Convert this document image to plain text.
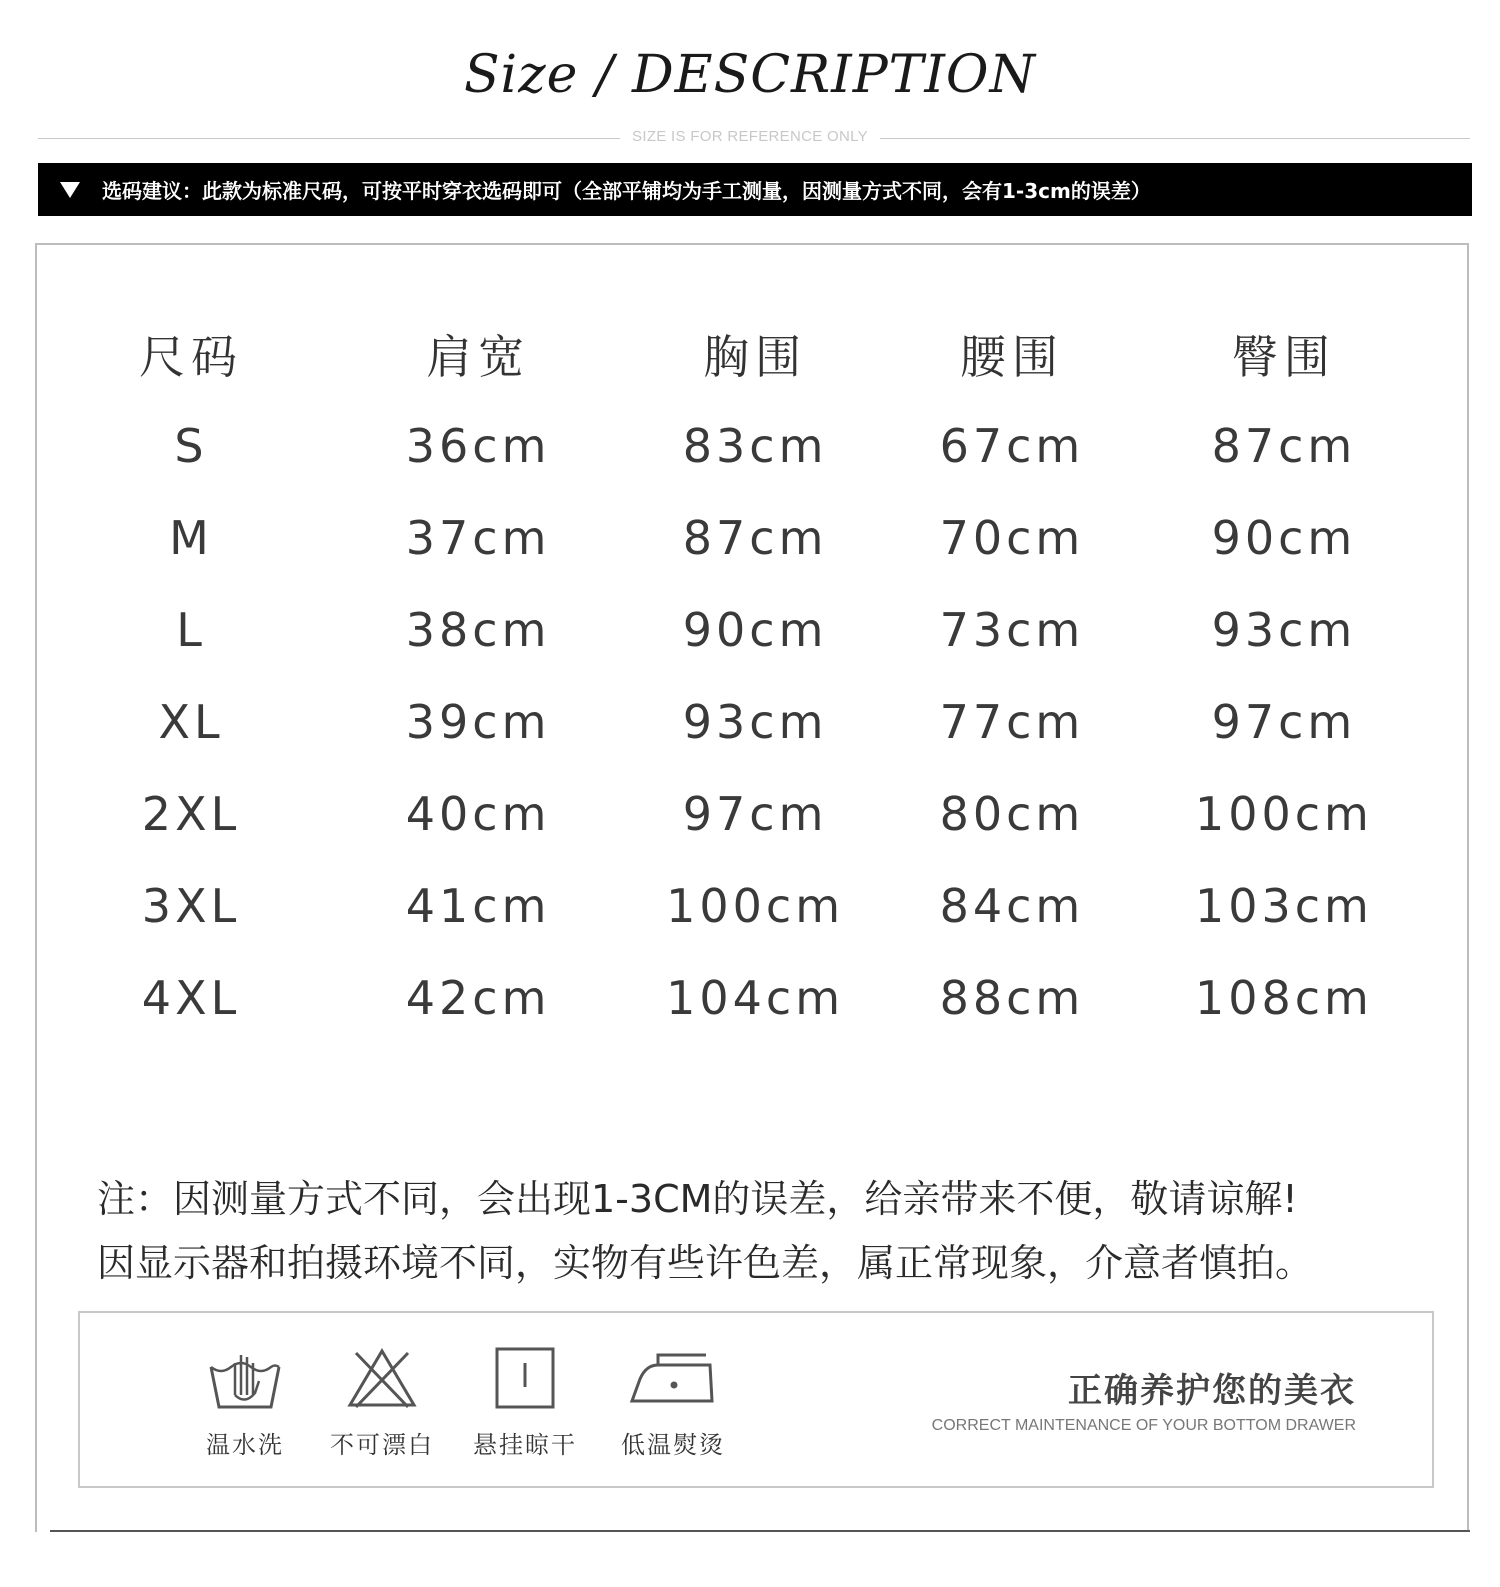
Size / DESCRIPTION
SIZE IS FOR REFERENCE ONLY
选码建议：此款为标准尺码，可按平时穿衣选码即可（全部平铺均为手工测量，因测量方式不同，会有1-3cm的误差）
尺码	肩宽	胸围	腰围	臀围
S	36cm	83cm	67cm	87cm
M	37cm	87cm	70cm	90cm
L	38cm	90cm	73cm	93cm
XL	39cm	93cm	77cm	97cm
2XL	40cm	97cm	80cm	100cm
3XL	41cm	100cm	84cm	103cm
4XL	42cm	104cm	88cm	108cm
注：因测量方式不同，会出现1-3CM的误差，给亲带来不便，敬请谅解!
因显示器和拍摄环境不同，实物有些许色差，属正常现象，介意者慎拍。
温水洗	不可漂白	悬挂晾干	低温熨烫
正确养护您的美衣
CORRECT MAINTENANCE OF YOUR BOTTOM DRAWER
